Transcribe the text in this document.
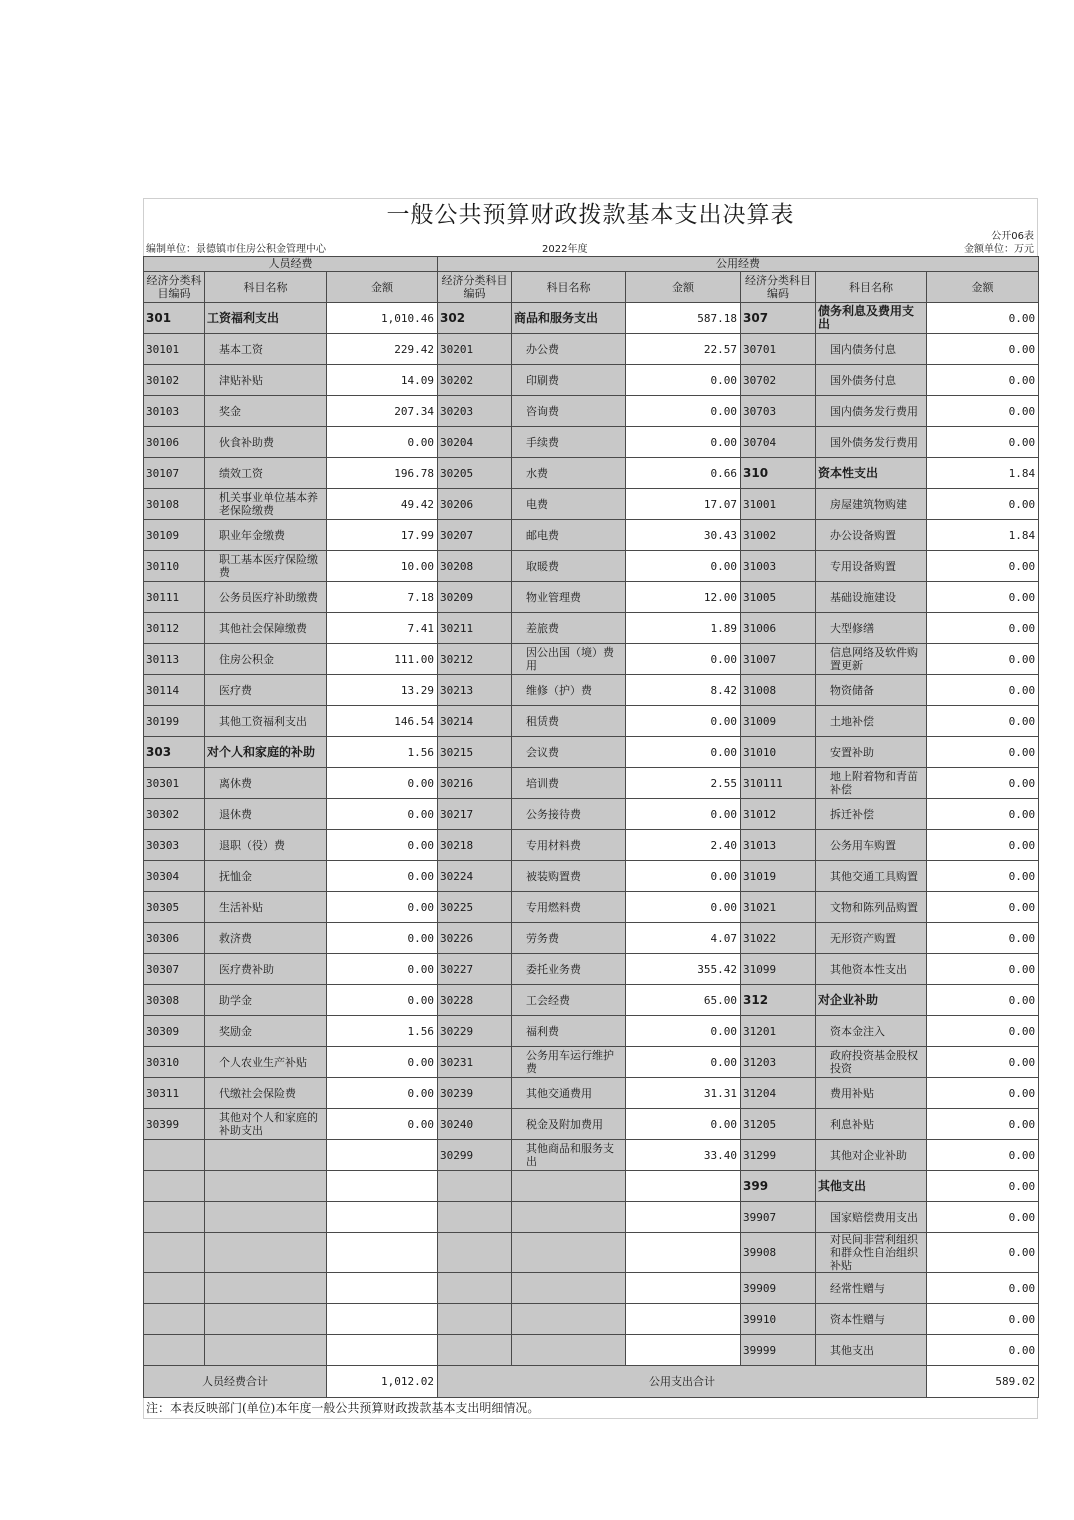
一般公共预算财政拨款基本支出决算表
公开06表
编制单位：景德镇市住房公积金管理中心	2022年度	金额单位：万元
人员经费			公用经费					
经济分类科目编码	科目名称	金额	经济分类科目编码	科目名称	金额	经济分类科目编码	科目名称	金额
301	工资福利支出	1,010.46	302	商品和服务支出	587.18	307	债务利息及费用支出	0.00
30101	基本工资	229.42	30201	办公费	22.57	30701	国内债务付息	0.00
30102	津贴补贴	14.09	30202	印刷费	0.00	30702	国外债务付息	0.00
30103	奖金	207.34	30203	咨询费	0.00	30703	国内债务发行费用	0.00
30106	伙食补助费	0.00	30204	手续费	0.00	30704	国外债务发行费用	0.00
30107	绩效工资	196.78	30205	水费	0.66	310	资本性支出	1.84
30108	机关事业单位基本养老保险缴费	49.42	30206	电费	17.07	31001	房屋建筑物购建	0.00
30109	职业年金缴费	17.99	30207	邮电费	30.43	31002	办公设备购置	1.84
30110	职工基本医疗保险缴费	10.00	30208	取暖费	0.00	31003	专用设备购置	0.00
30111	公务员医疗补助缴费	7.18	30209	物业管理费	12.00	31005	基础设施建设	0.00
30112	其他社会保障缴费	7.41	30211	差旅费	1.89	31006	大型修缮	0.00
30113	住房公积金	111.00	30212	因公出国（境）费用	0.00	31007	信息网络及软件购置更新	0.00
30114	医疗费	13.29	30213	维修（护）费	8.42	31008	物资储备	0.00
30199	其他工资福利支出	146.54	30214	租赁费	0.00	31009	土地补偿	0.00
303	对个人和家庭的补助	1.56	30215	会议费	0.00	31010	安置补助	0.00
30301	离休费	0.00	30216	培训费	2.55	310111	地上附着物和青苗补偿	0.00
30302	退休费	0.00	30217	公务接待费	0.00	31012	拆迁补偿	0.00
30303	退职（役）费	0.00	30218	专用材料费	2.40	31013	公务用车购置	0.00
30304	抚恤金	0.00	30224	被装购置费	0.00	31019	其他交通工具购置	0.00
30305	生活补贴	0.00	30225	专用燃料费	0.00	31021	文物和陈列品购置	0.00
30306	救济费	0.00	30226	劳务费	4.07	31022	无形资产购置	0.00
30307	医疗费补助	0.00	30227	委托业务费	355.42	31099	其他资本性支出	0.00
30308	助学金	0.00	30228	工会经费	65.00	312	对企业补助	0.00
30309	奖励金	1.56	30229	福利费	0.00	31201	资本金注入	0.00
30310	个人农业生产补贴	0.00	30231	公务用车运行维护费	0.00	31203	政府投资基金股权投资	0.00
30311	代缴社会保险费	0.00	30239	其他交通费用	31.31	31204	费用补贴	0.00
30399	其他对个人和家庭的补助支出	0.00	30240	税金及附加费用	0.00	31205	利息补贴	0.00
			30299	其他商品和服务支出	33.40	31299	其他对企业补助	0.00
						399	其他支出	0.00
						39907	国家赔偿费用支出	0.00
						39908	对民间非营利组织和群众性自治组织补贴	0.00
						39909	经常性赠与	0.00
						39910	资本性赠与	0.00
						39999	其他支出	0.00
人员经费合计		1,012.02	公用支出合计					589.02
注：本表反映部门(单位)本年度一般公共预算财政拨款基本支出明细情况。
